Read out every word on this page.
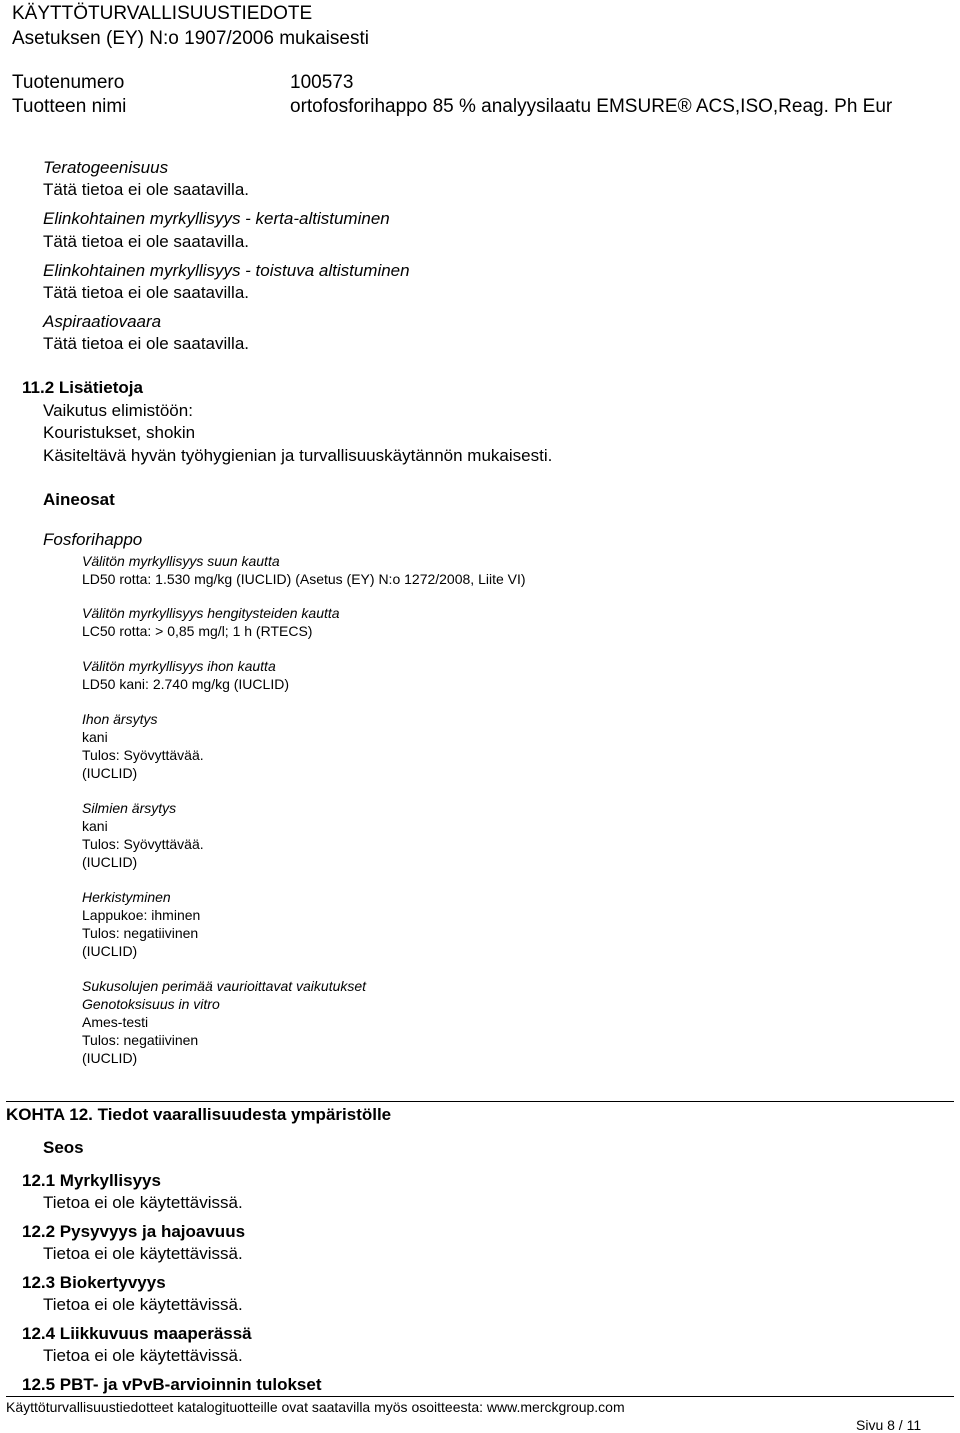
KÄYTTÖTURVALLISUUSTIEDOTE
Asetuksen (EY) N:o 1907/2006 mukaisesti
Tuotenumero	100573
Tuotteen nimi	ortofosforihappo 85 % analyysilaatu EMSURE® ACS,ISO,Reag. Ph Eur
Teratogeenisuus
Tätä tietoa ei ole saatavilla.
Elinkohtainen myrkyllisyys - kerta-altistuminen
Tätä tietoa ei ole saatavilla.
Elinkohtainen myrkyllisyys - toistuva altistuminen
Tätä tietoa ei ole saatavilla.
Aspiraatiovaara
Tätä tietoa ei ole saatavilla.
11.2 Lisätietoja
Vaikutus elimistöön:
Kouristukset, shokin
Käsiteltävä hyvän työhygienian ja turvallisuuskäytännön mukaisesti.
Aineosat
Fosforihappo
Välitön myrkyllisyys suun kautta
LD50 rotta: 1.530 mg/kg (IUCLID) (Asetus (EY) N:o 1272/2008, Liite VI)
Välitön myrkyllisyys hengitysteiden kautta
LC50 rotta: > 0,85 mg/l; 1 h (RTECS)
Välitön myrkyllisyys ihon kautta
LD50 kani: 2.740 mg/kg (IUCLID)
Ihon ärsytys
kani
Tulos: Syövyttävää.
(IUCLID)
Silmien ärsytys
kani
Tulos: Syövyttävää.
(IUCLID)
Herkistyminen
Lappukoe: ihminen
Tulos: negatiivinen
(IUCLID)
Sukusolujen perimää vaurioittavat vaikutukset
Genotoksisuus in vitro
Ames-testi
Tulos: negatiivinen
(IUCLID)
KOHTA 12. Tiedot vaarallisuudesta ympäristölle
Seos
12.1 Myrkyllisyys
Tietoa ei ole käytettävissä.
12.2 Pysyvyys ja hajoavuus
Tietoa ei ole käytettävissä.
12.3 Biokertyvyys
Tietoa ei ole käytettävissä.
12.4 Liikkuvuus maaperässä
Tietoa ei ole käytettävissä.
12.5 PBT- ja vPvB-arvioinnin tulokset
Käyttöturvallisuustiedotteet katalogituotteille ovat saatavilla myös osoitteesta: www.merckgroup.com
Sivu 8 / 11
